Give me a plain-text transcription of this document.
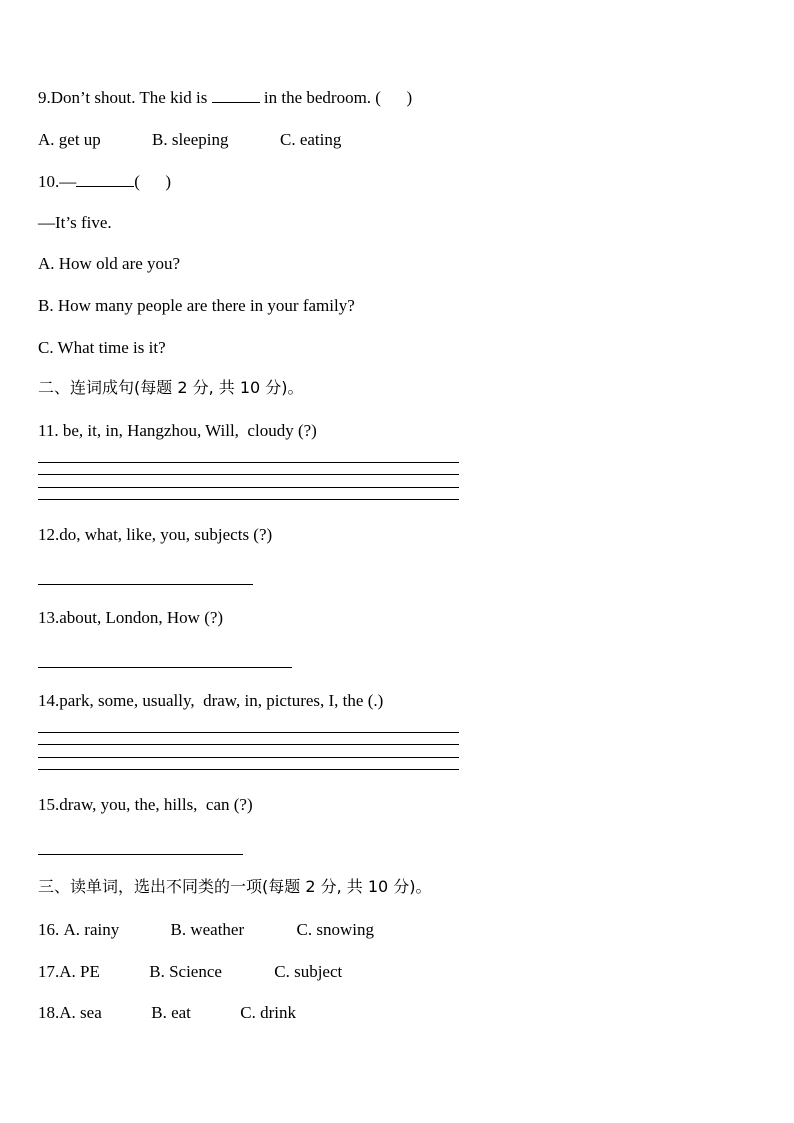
9.Don’t shout. The kid is	in the bedroom. (      )
A. get up	B. sleeping	C. eating
10.—	(      )
—It’s five.
A. How old are you?
B. How many people are there in your family?
C. What time is it?
二、连词成句(每题 2 分, 共 10 分)。
11. be, it, in, Hangzhou, Will,  cloudy (?)
12.do, what, like, you, subjects (?)
13.about, London, How (?)
14.park, some, usually,  draw, in, pictures, I, the (.)
15.draw, you, the, hills,  can (?)
三、读单词，选出不同类的一项(每题 2 分, 共 10 分)。
16. A. rainy	B. weather	C. snowing
17.A. PE	B. Science	C. subject
18.A. sea	B. eat	C. drink
